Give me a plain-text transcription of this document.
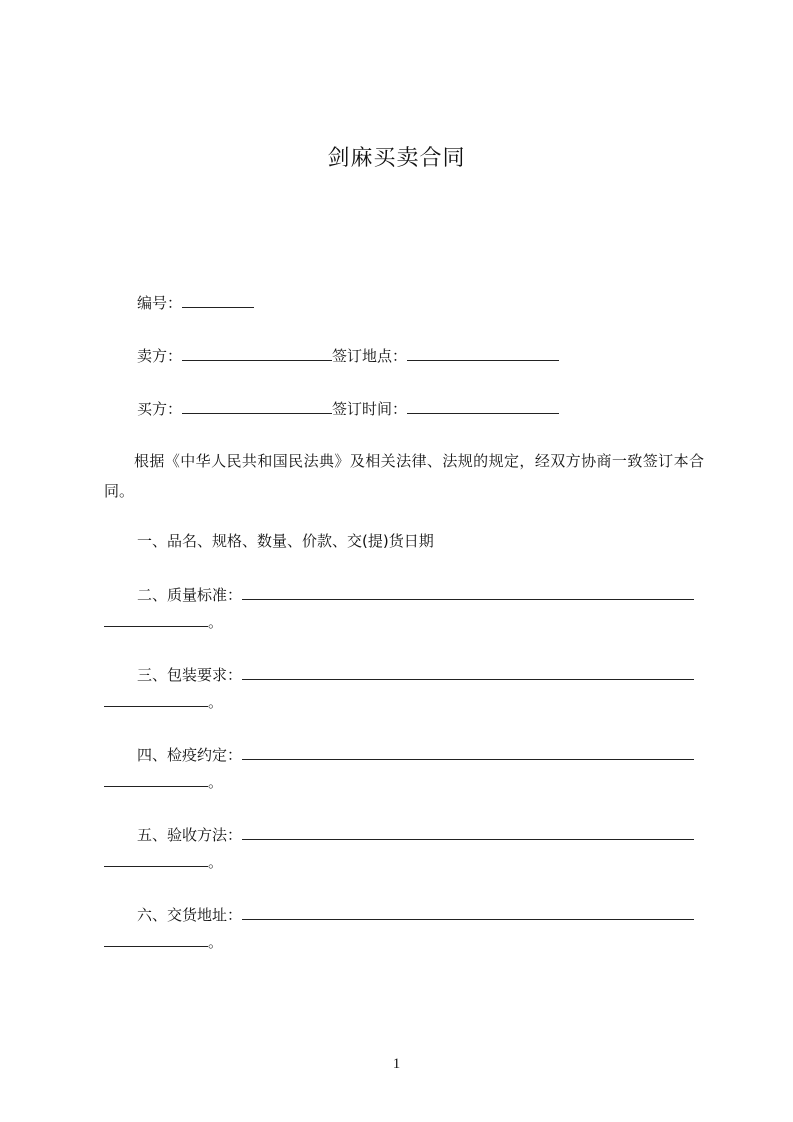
剑麻买卖合同
编号：
卖方：	签订地点：
买方：	签订时间：

根据《中华人民共和国民法典》及相关法律、法规的规定，经双方协商一致签订本合同。

一、品名、规格、数量、价款、交(提)货日期
二、质量标准：
。
三、包装要求：
。
四、检疫约定：
。
五、验收方法：
。
六、交货地址：
。
1
